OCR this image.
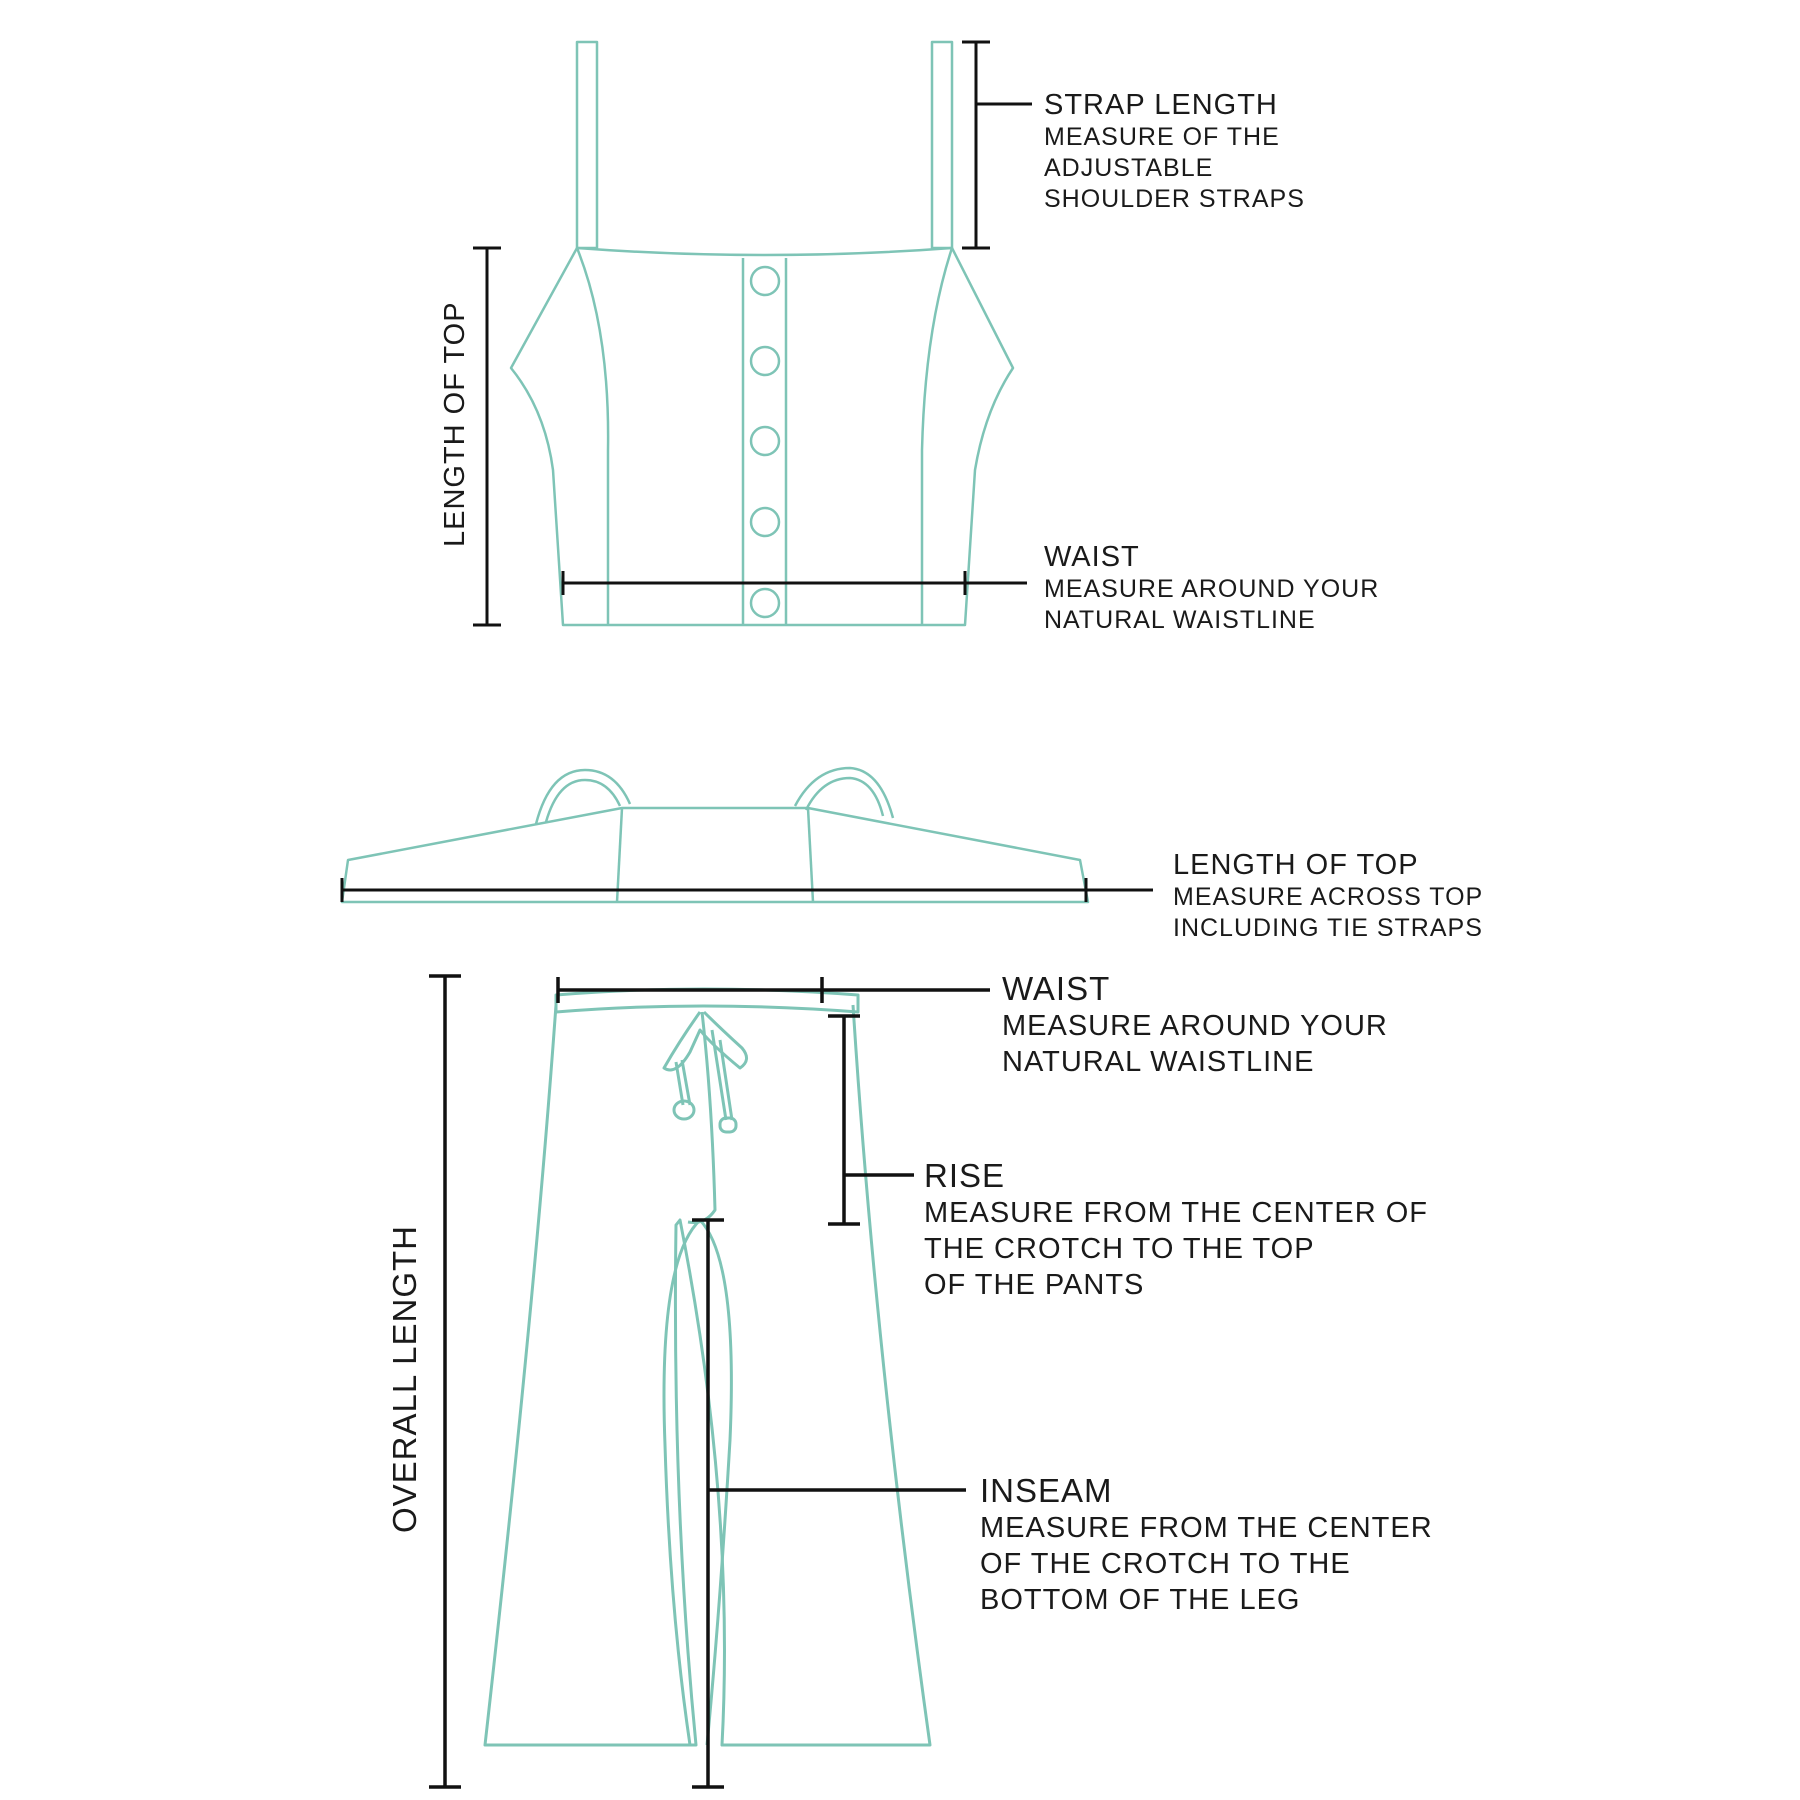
STRAP LENGTH
MEASURE OF THE
ADJUSTABLE
SHOULDER STRAPS
LENGTH OF TOP
WAIST
MEASURE AROUND YOUR
NATURAL WAISTLINE
LENGTH OF TOP
MEASURE ACROSS TOP
INCLUDING TIE STRAPS
WAIST
MEASURE AROUND YOUR
NATURAL WAISTLINE
RISE
MEASURE FROM THE CENTER OF
THE CROTCH TO THE TOP
OF THE PANTS
INSEAM
MEASURE FROM THE CENTER
OF THE CROTCH TO THE
BOTTOM OF THE LEG
OVERALL LENGTH
